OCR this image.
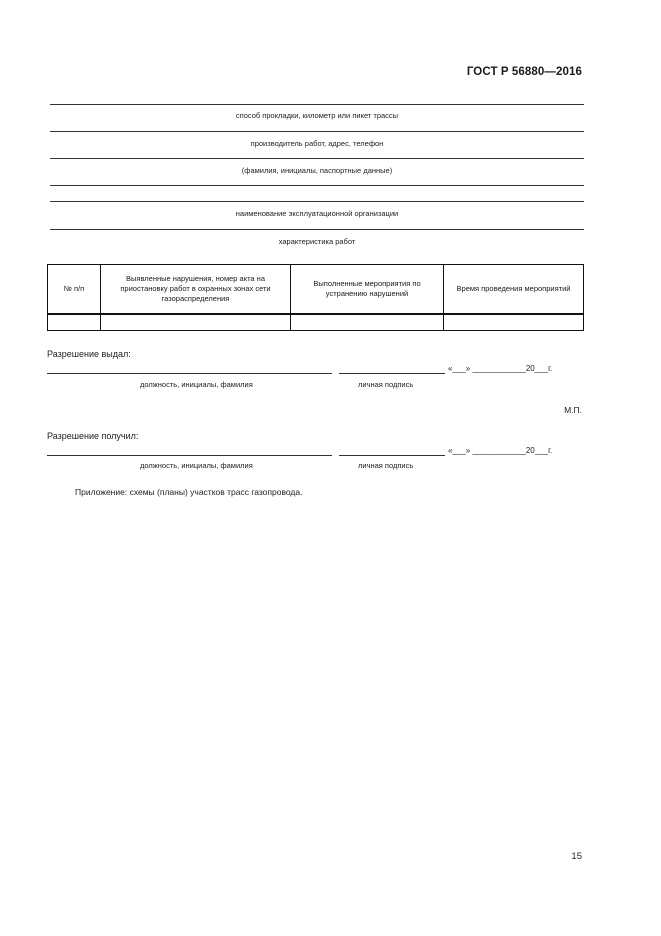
ГОСТ Р 56880—2016
способ прокладки, километр или пикет трассы
производитель работ, адрес, телефон
(фамилия, инициалы, паспортные данные)
наименование эксплуатационной организации
характеристика работ
№ п/п	Выявленные нарушения, номер акта на приостановку работ в охранных зонах сети газораспределения	Выполненные мероприятия по устранению нарушений	Время проведения мероприятий

Разрешение выдал:
«___» ____________20___г.
должность, инициалы, фамилия	личная подпись
М.П.
Разрешение получил:
«___» ____________20___г.
должность, инициалы, фамилия	личная подпись
Приложение: схемы (планы) участков трасс газопровода.
15
